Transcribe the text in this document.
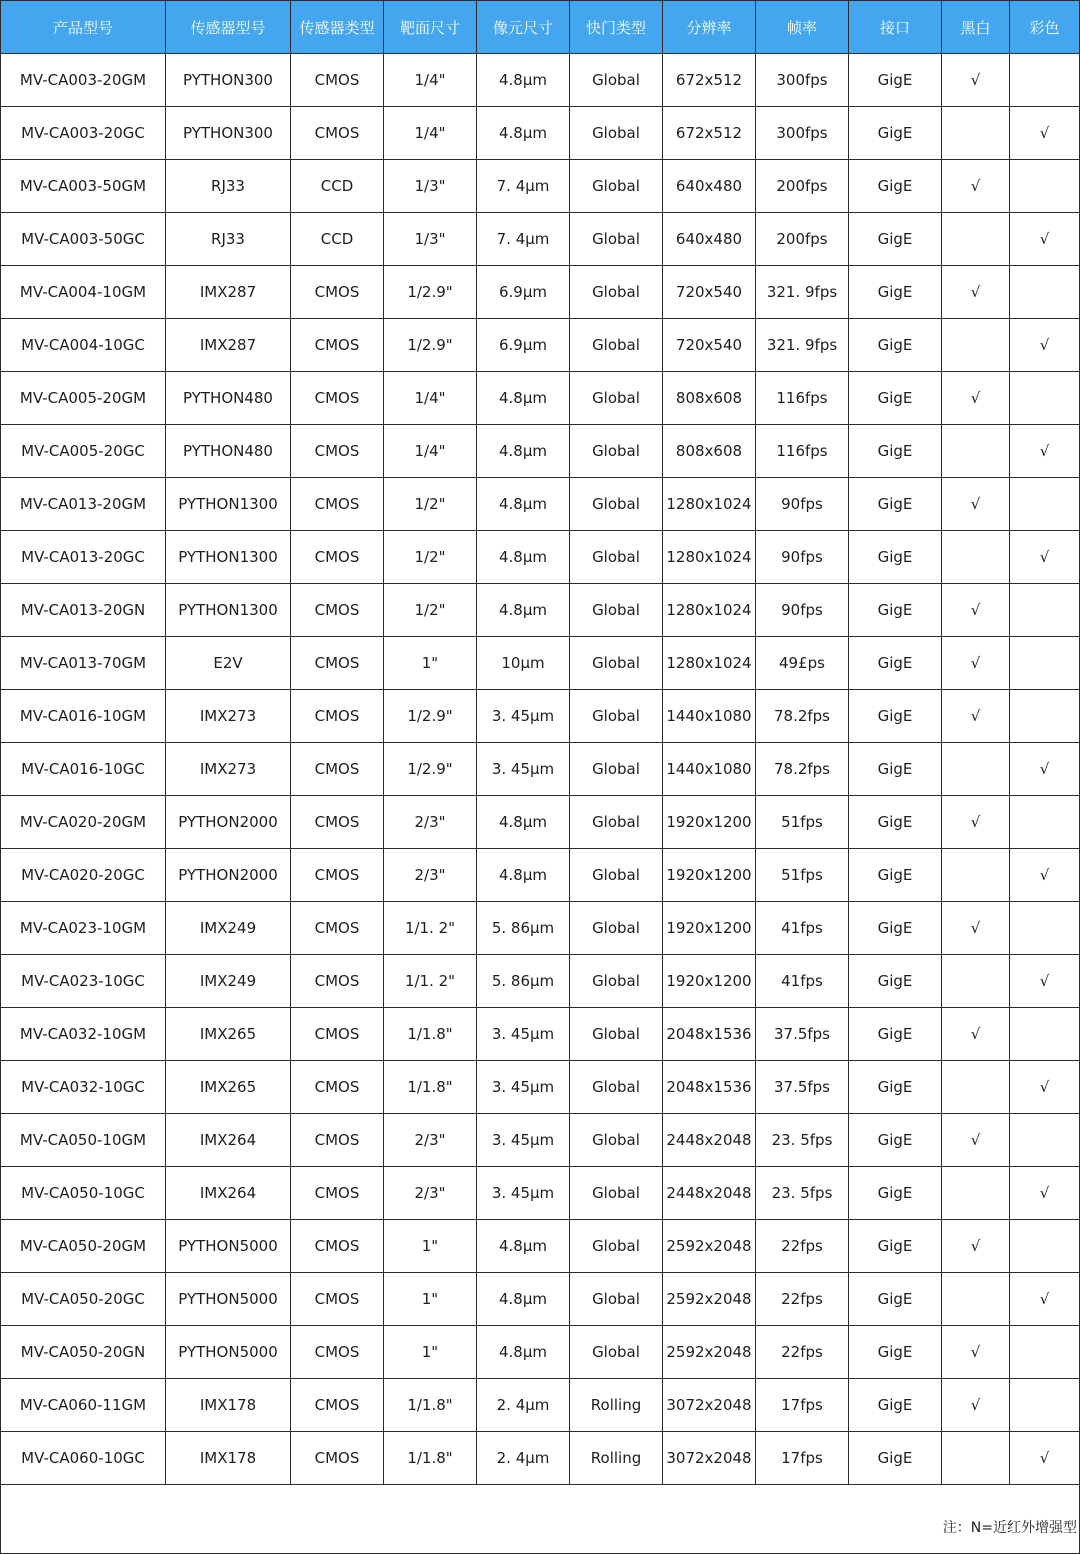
产品型号	传感器型号	传感器类型	靶面尺寸	像元尺寸	快门类型	分辨率	帧率	接口	黑白	彩色
MV-CA003-20GM	PYTHON300	CMOS	1/4"	4.8μm	Global	672x512	300fps	GigE	√	
MV-CA003-20GC	PYTHON300	CMOS	1/4"	4.8μm	Global	672x512	300fps	GigE		√
MV-CA003-50GM	RJ33	CCD	1/3"	7. 4μm	Global	640x480	200fps	GigE	√	
MV-CA003-50GC	RJ33	CCD	1/3"	7. 4μm	Global	640x480	200fps	GigE		√
MV-CA004-10GM	IMX287	CMOS	1/2.9"	6.9μm	Global	720x540	321. 9fps	GigE	√	
MV-CA004-10GC	IMX287	CMOS	1/2.9"	6.9μm	Global	720x540	321. 9fps	GigE		√
MV-CA005-20GM	PYTHON480	CMOS	1/4"	4.8μm	Global	808x608	116fps	GigE	√	
MV-CA005-20GC	PYTHON480	CMOS	1/4"	4.8μm	Global	808x608	116fps	GigE		√
MV-CA013-20GM	PYTHON1300	CMOS	1/2"	4.8μm	Global	1280x1024	90fps	GigE	√	
MV-CA013-20GC	PYTHON1300	CMOS	1/2"	4.8μm	Global	1280x1024	90fps	GigE		√
MV-CA013-20GN	PYTHON1300	CMOS	1/2"	4.8μm	Global	1280x1024	90fps	GigE	√	
MV-CA013-70GM	E2V	CMOS	1"	10μm	Global	1280x1024	49£ps	GigE	√	
MV-CA016-10GM	IMX273	CMOS	1/2.9"	3. 45μm	Global	1440x1080	78.2fps	GigE	√	
MV-CA016-10GC	IMX273	CMOS	1/2.9"	3. 45μm	Global	1440x1080	78.2fps	GigE		√
MV-CA020-20GM	PYTHON2000	CMOS	2/3"	4.8μm	Global	1920x1200	51fps	GigE	√	
MV-CA020-20GC	PYTHON2000	CMOS	2/3"	4.8μm	Global	1920x1200	51fps	GigE		√
MV-CA023-10GM	IMX249	CMOS	1/1. 2"	5. 86μm	Global	1920x1200	41fps	GigE	√	
MV-CA023-10GC	IMX249	CMOS	1/1. 2"	5. 86μm	Global	1920x1200	41fps	GigE		√
MV-CA032-10GM	IMX265	CMOS	1/1.8"	3. 45μm	Global	2048x1536	37.5fps	GigE	√	
MV-CA032-10GC	IMX265	CMOS	1/1.8"	3. 45μm	Global	2048x1536	37.5fps	GigE		√
MV-CA050-10GM	IMX264	CMOS	2/3"	3. 45μm	Global	2448x2048	23. 5fps	GigE	√	
MV-CA050-10GC	IMX264	CMOS	2/3"	3. 45μm	Global	2448x2048	23. 5fps	GigE		√
MV-CA050-20GM	PYTHON5000	CMOS	1"	4.8μm	Global	2592x2048	22fps	GigE	√	
MV-CA050-20GC	PYTHON5000	CMOS	1"	4.8μm	Global	2592x2048	22fps	GigE		√
MV-CA050-20GN	PYTHON5000	CMOS	1"	4.8μm	Global	2592x2048	22fps	GigE	√	
MV-CA060-11GM	IMX178	CMOS	1/1.8"	2. 4μm	Rolling	3072x2048	17fps	GigE	√	
MV-CA060-10GC	IMX178	CMOS	1/1.8"	2. 4μm	Rolling	3072x2048	17fps	GigE		√
注：N=近红外增强型										
